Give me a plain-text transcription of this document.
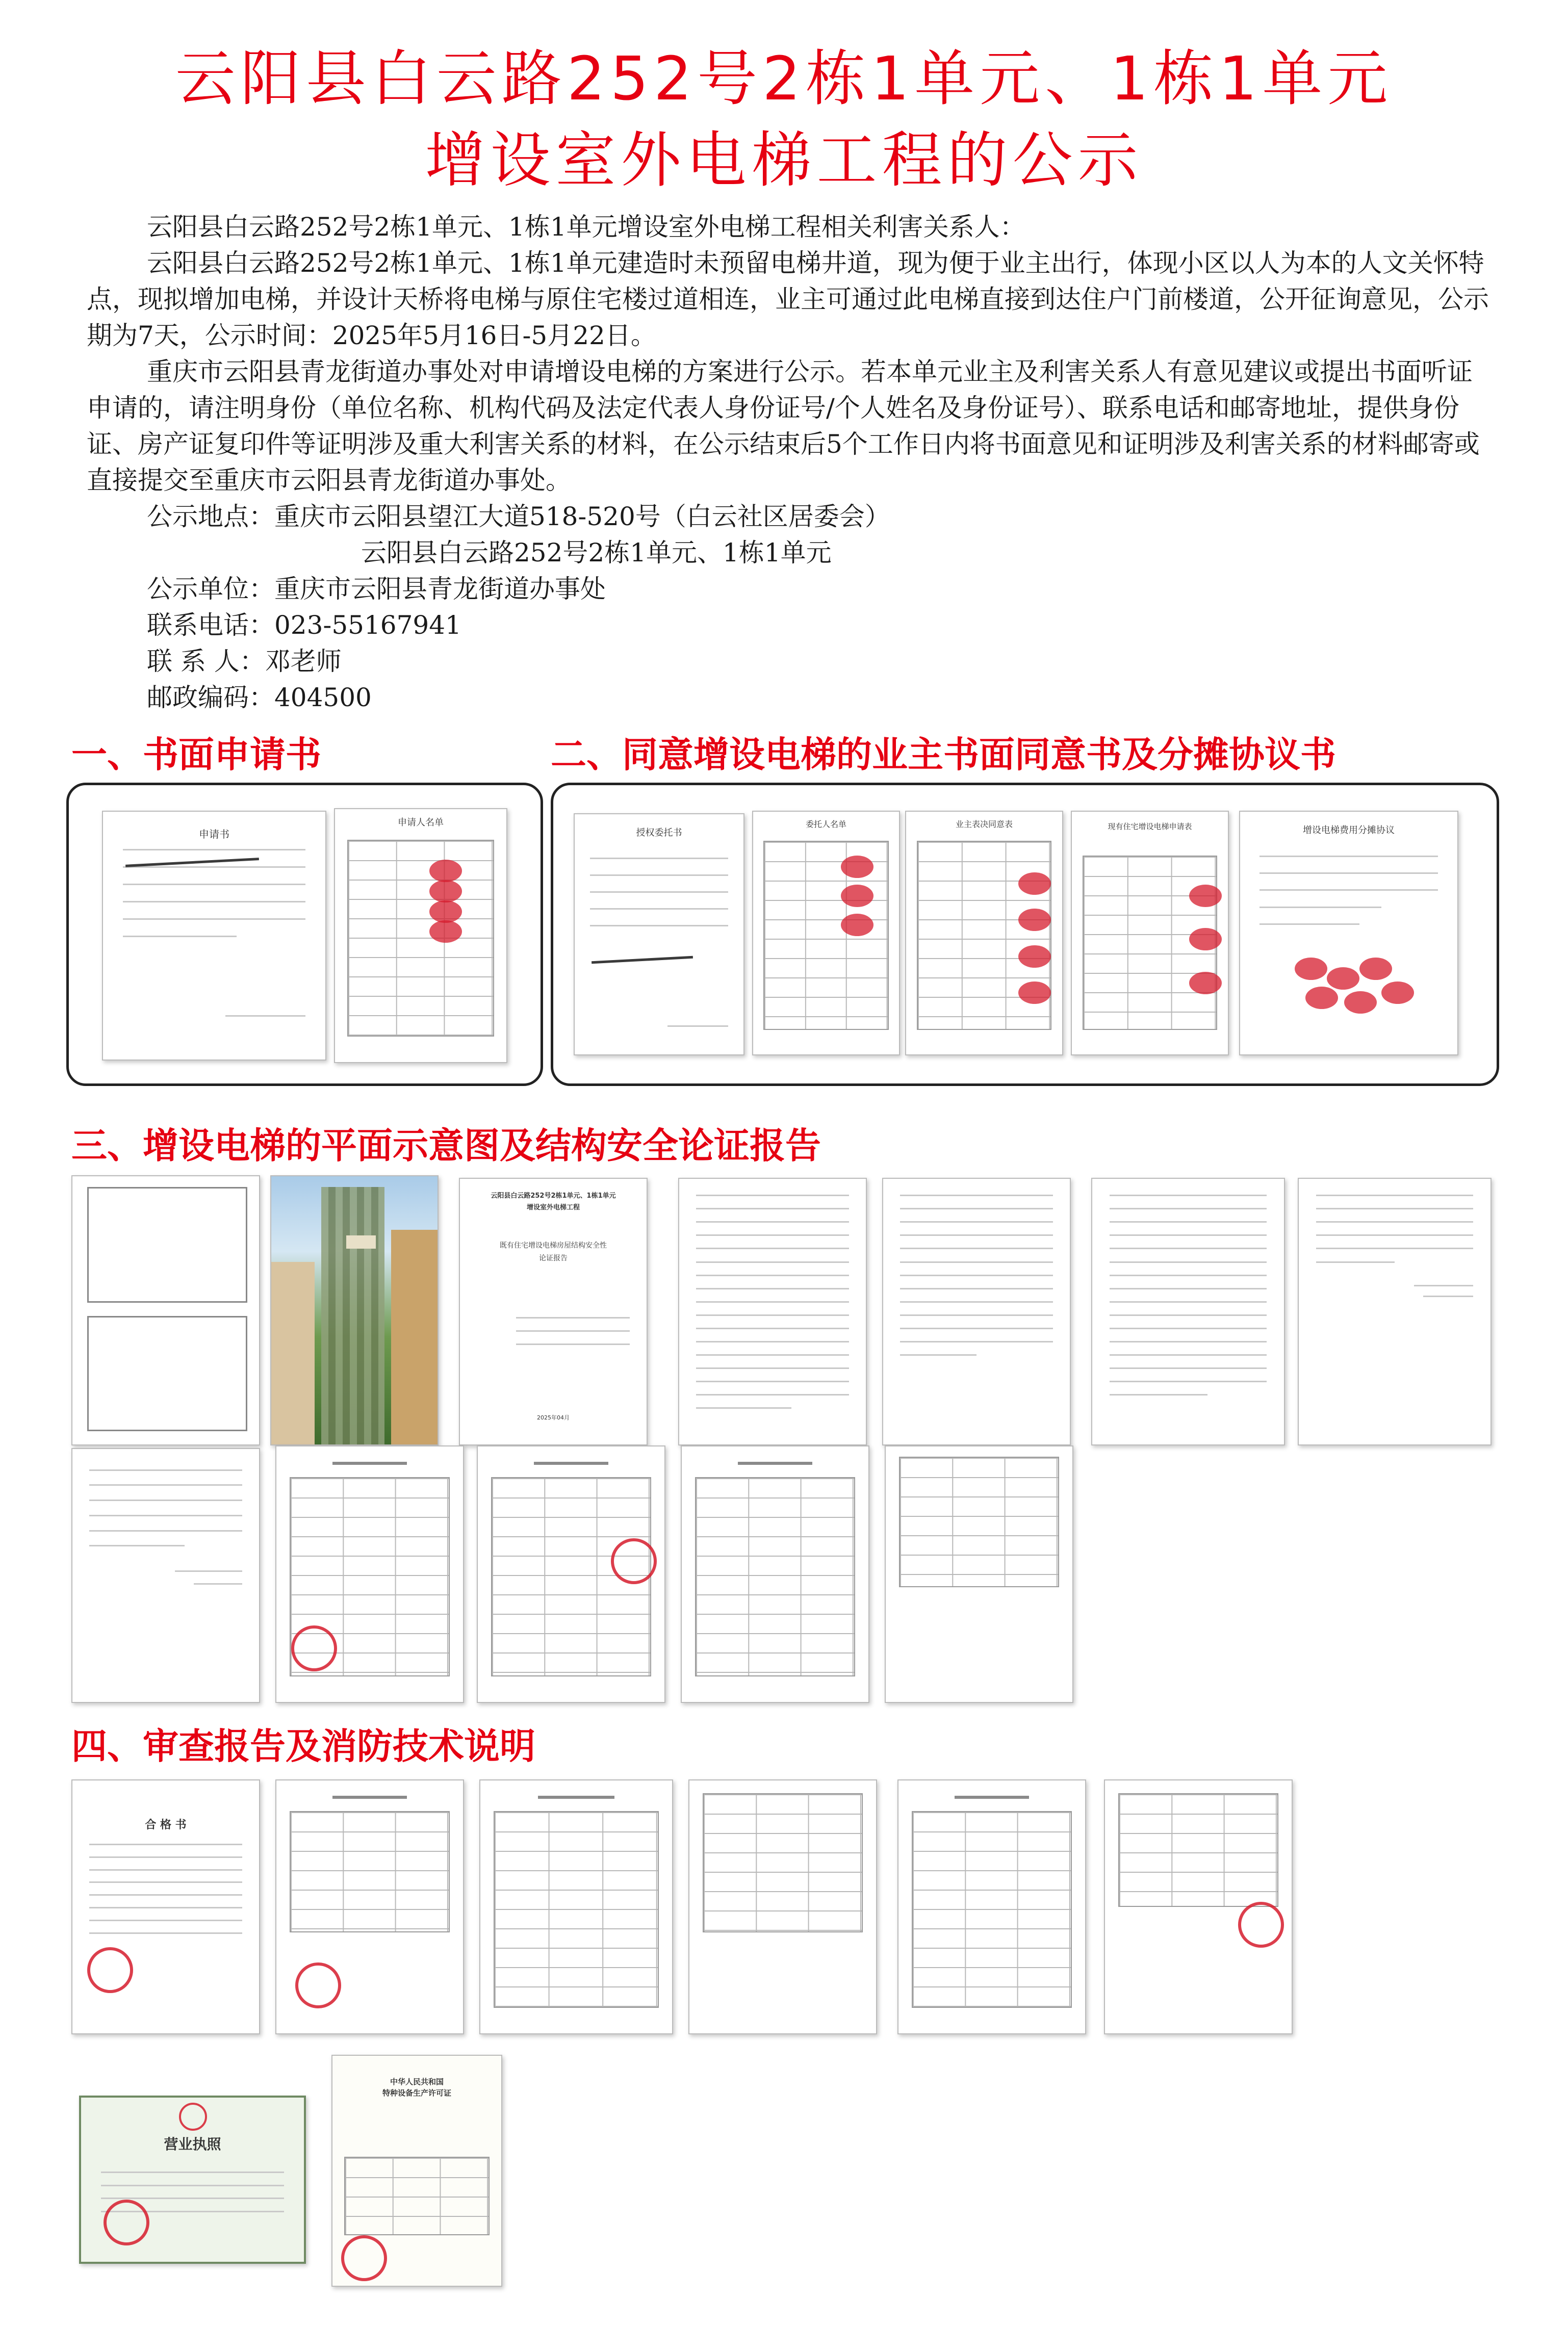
云阳县白云路252号2栋1单元、1栋1单元
增设室外电梯工程的公示

云阳县白云路252号2栋1单元、1栋1单元增设室外电梯工程相关利害关系人：

云阳县白云路252号2栋1单元、1栋1单元建造时未预留电梯井道，现为便于业主出行，体现小区以人为本的人文关怀特点，现拟增加电梯，并设计天桥将电梯与原住宅楼过道相连，业主可通过此电梯直接到达住户门前楼道，公开征询意见，公示期为7天，公示时间：2025年5月16日-5月22日。

重庆市云阳县青龙街道办事处对申请增设电梯的方案进行公示。若本单元业主及利害关系人有意见建议或提出书面听证申请的，请注明身份（单位名称、机构代码及法定代表人身份证号/个人姓名及身份证号）、联系电话和邮寄地址，提供身份证、房产证复印件等证明涉及重大利害关系的材料，在公示结束后5个工作日内将书面意见和证明涉及利害关系的材料邮寄或直接提交至重庆市云阳县青龙街道办事处。

公示地点：重庆市云阳县望江大道518-520号（白云社区居委会）

云阳县白云路252号2栋1单元、1栋1单元

公示单位：重庆市云阳县青龙街道办事处

联系电话：023-55167941

联 系 人：邓老师

邮政编码：404500

一、书面申请书	二、同意增设电梯的业主书面同意书及分摊协议书
申请书
申请人名单
授权委托书
委托人名单	业主表决同意表	现有住宅增设电梯申请表	增设电梯费用分摊协议
三、增设电梯的平面示意图及结构安全论证报告
云阳县白云路252号2栋1单元、1栋1单元
增设室外电梯工程
既有住宅增设电梯房屋结构安全性
论证报告
2025年04月
四、审查报告及消防技术说明
合 格 书
营业执照
中华人民共和国
特种设备生产许可证
